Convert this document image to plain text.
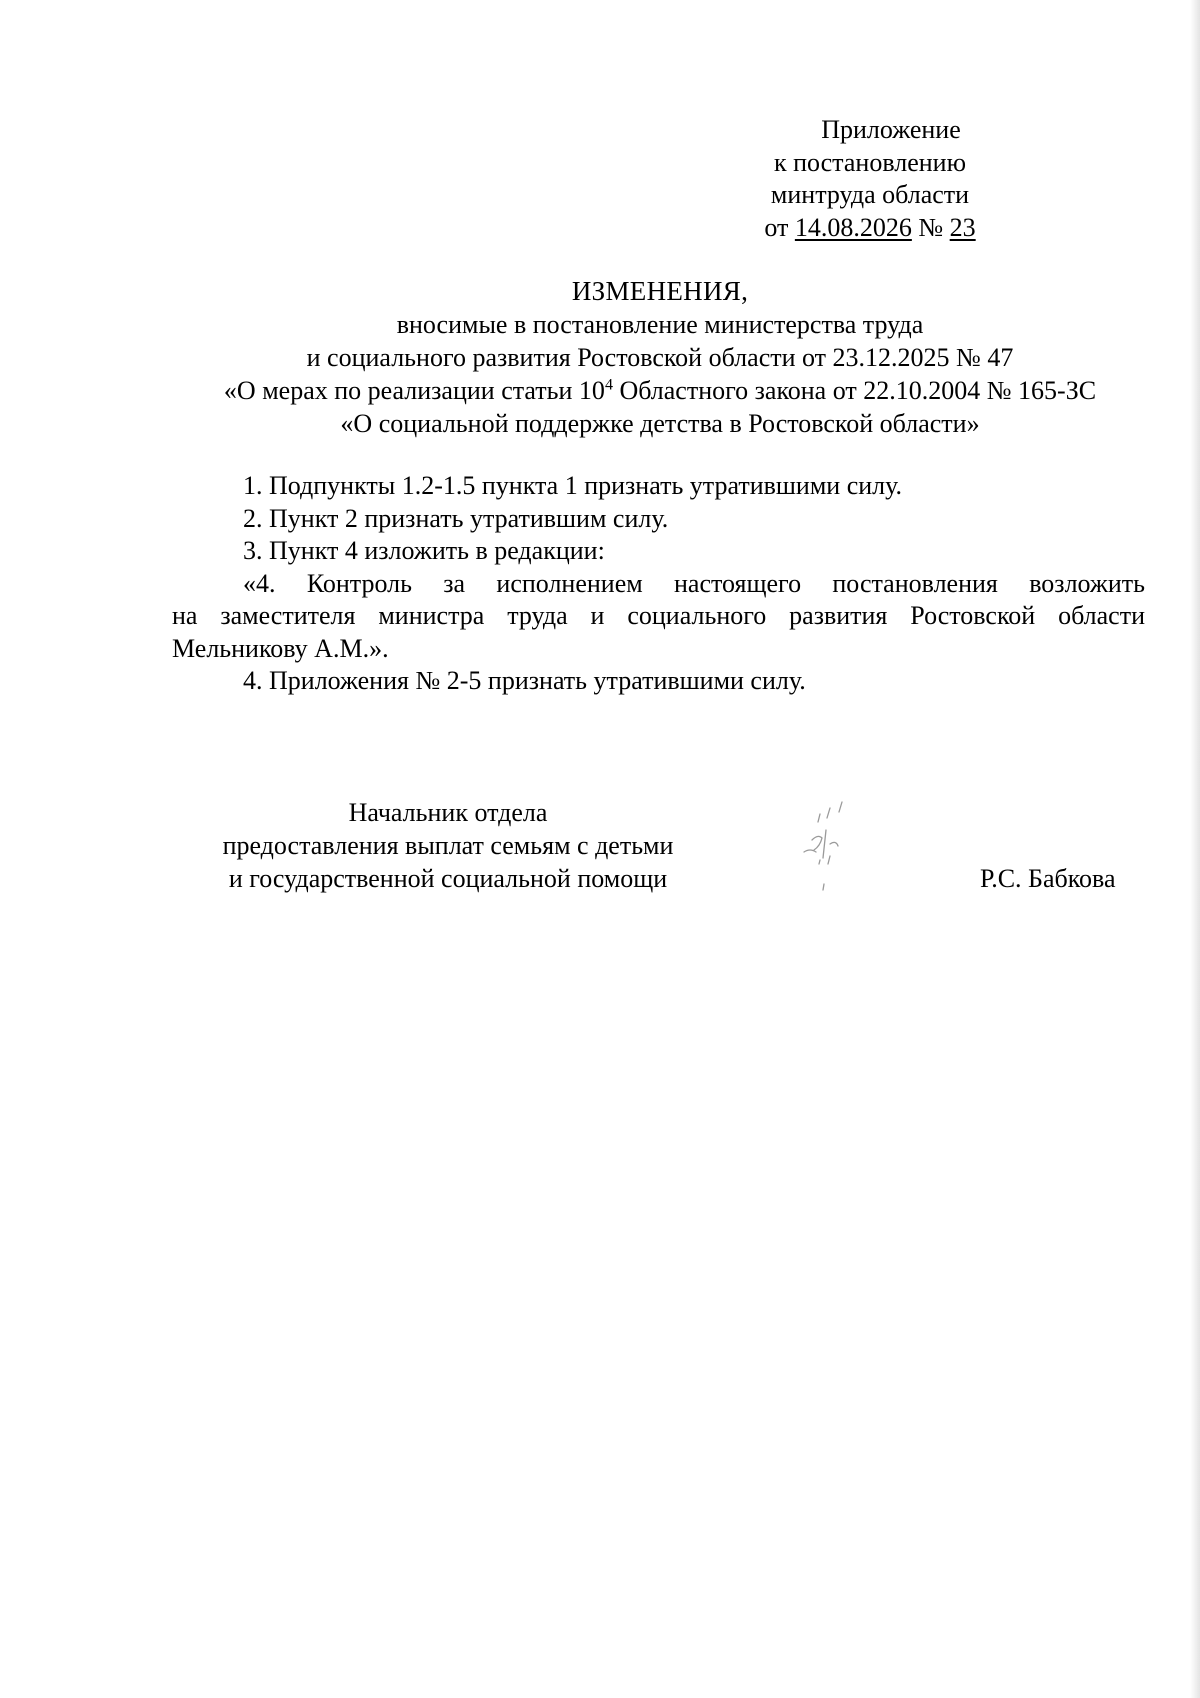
Приложение
к постановлению
минтруда области
от 14.08.2026 № 23
ИЗМЕНЕНИЯ,
вносимые в постановление министерства труда
и социального развития Ростовской области от 23.12.2025 № 47
«О мерах по реализации статьи $10^4$ Областного закона от 22.10.2004 № 165-ЗС
«О социальной поддержке детства в Ростовской области»

1. Подпункты 1.2-1.5 пункта 1 признать утратившими силу.

2. Пункт 2 признать утратившим силу.

3. Пункт 4 изложить в редакции:

«4. Контроль за исполнением настоящего постановления возложить
на заместителя министра труда и социального развития Ростовской области
Мельникову А.М.».

4. Приложения № 2-5 признать утратившими силу.

Начальник отдела
предоставления выплат семьям с детьми
и государственной социальной помощи	Р.С. Бабкова
